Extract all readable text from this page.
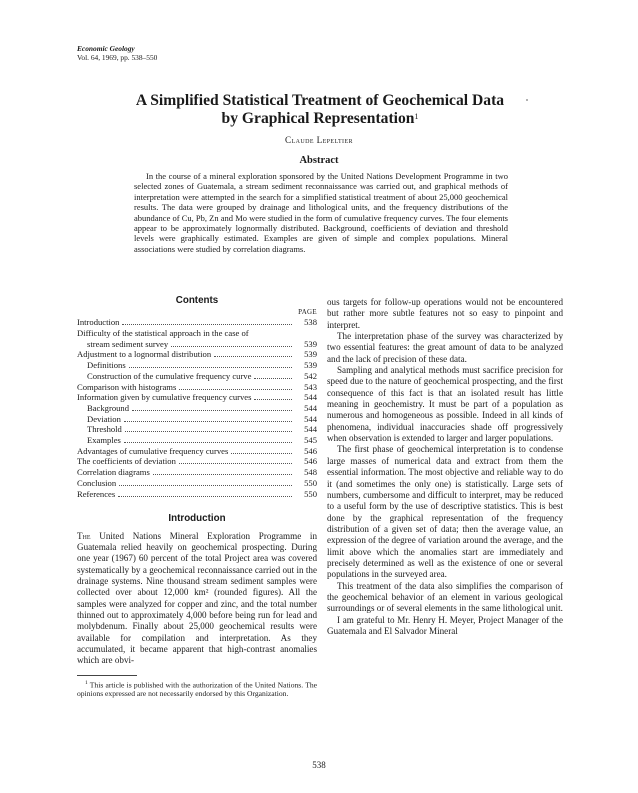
Economic Geology
Vol. 64, 1969, pp. 538–550
A Simplified Statistical Treatment of Geochemical Data
by Graphical Representation$^1$
Claude Lepeltier
Abstract

In the course of a mineral exploration sponsored by the United Nations Development Programme in two selected zones of Guatemala, a stream sediment reconnaissance was carried out, and graphical methods of interpretation were attempted in the search for a simplified statistical treatment of about 25,000 geochemical results. The data were grouped by drainage and lithological units, and the frequency distributions of the abundance of Cu, Pb, Zn and Mo were studied in the form of cumulative frequency curves. The four elements appear to be approximately lognormally distributed. Background, coefficients of deviation and threshold levels were graphically estimated. Examples are given of simple and complex populations. Mineral associations were studied by correlation diagrams.

Contents
PAGE
Introduction	538
Difficulty of the statistical approach in the case of
stream sediment survey	539
Adjustment to a lognormal distribution	539
Definitions	539
Construction of the cumulative frequency curve	542
Comparison with histograms	543
Information given by cumulative frequency curves	544
Background	544
Deviation	544
Threshold	544
Examples	545
Advantages of cumulative frequency curves	546
The coefficients of deviation	546
Correlation diagrams	548
Conclusion	550
References	550
Introduction

The United Nations Mineral Exploration Programme in Guatemala relied heavily on geochemical prospecting. During one year (1967) 60 percent of the total Project area was covered systematically by a geochemical reconnaissance carried out in the drainage systems. Nine thousand stream sediment samples were collected over about 12,000 km² (rounded figures). All the samples were analyzed for copper and zinc, and the total number thinned out to approximately 4,000 before being run for lead and molybdenum. Finally about 25,000 geochemical results were available for compilation and interpretation. As they accumulated, it became apparent that high-contrast anomalies which are obvi-

$^1$ This article is published with the authorization of the United Nations. The opinions expressed are not necessarily endorsed by this Organization.

ous targets for follow-up operations would not be encountered but rather more subtle features not so easy to pinpoint and interpret.

The interpretation phase of the survey was characterized by two essential features: the great amount of data to be analyzed and the lack of precision of these data.

Sampling and analytical methods must sacrifice precision for speed due to the nature of geochemical prospecting, and the first consequence of this fact is that an isolated result has little meaning in geochemistry. It must be part of a population as numerous and homogeneous as possible. Indeed in all kinds of phenomena, individual inaccuracies shade off progressively when observation is extended to larger and larger populations.

The first phase of geochemical interpretation is to condense large masses of numerical data and extract from them the essential information. The most objective and reliable way to do it (and sometimes the only one) is statistically. Large sets of numbers, cumbersome and difficult to interpret, may be reduced to a useful form by the use of descriptive statistics. This is best done by the graphical representation of the frequency distribution of a given set of data; then the average value, an expression of the degree of variation around the average, and the limit above which the anomalies start are immediately and precisely determined as well as the existence of one or several populations in the surveyed area.

This treatment of the data also simplifies the comparison of the geochemical behavior of an element in various geological surroundings or of several elements in the same lithological unit.

I am grateful to Mr. Henry H. Meyer, Project Manager of the Guatemala and El Salvador Mineral

538
